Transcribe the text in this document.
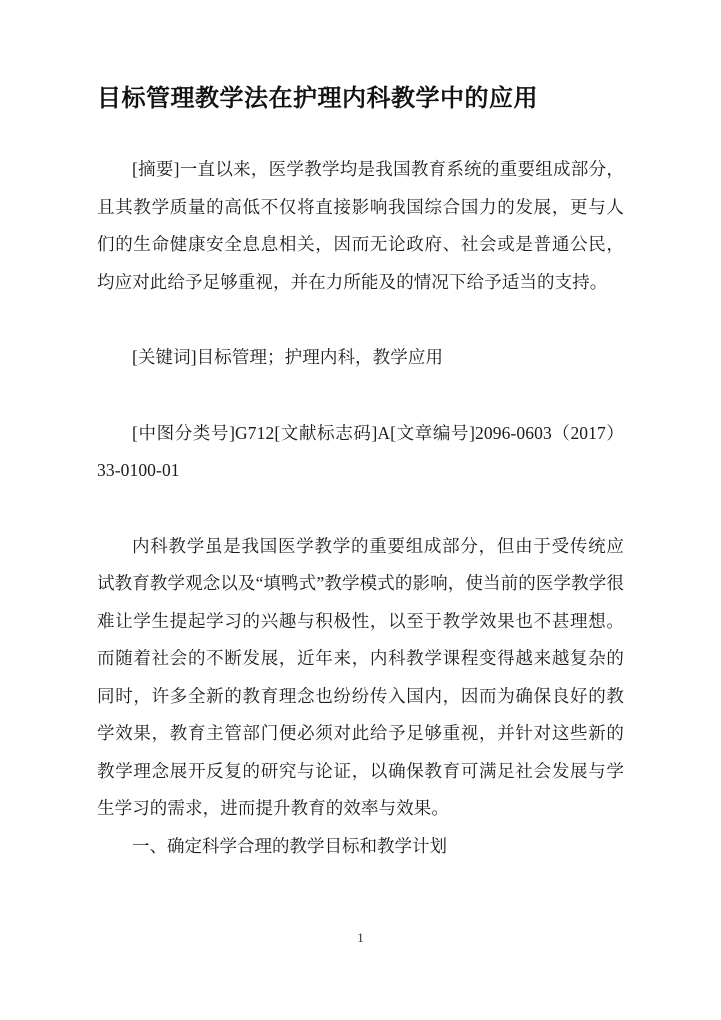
目标管理教学法在护理内科教学中的应用

[摘要]一直以来，医学教学均是我国教育系统的重要组成部分，且其教学质量的高低不仅将直接影响我国综合国力的发展，更与人们的生命健康安全息息相关，因而无论政府、社会或是普通公民，均应对此给予足够重视，并在力所能及的情况下给予适当的支持。

[关键词]目标管理；护理内科，教学应用

[中图分类号]G712[文献标志码]A[文章编号]2096-0603（2017）33-0100-01

内科教学虽是我国医学教学的重要组成部分，但由于受传统应试教育教学观念以及“填鸭式”教学模式的影响，使当前的医学教学很难让学生提起学习的兴趣与积极性，以至于教学效果也不甚理想。而随着社会的不断发展，近年来，内科教学课程变得越来越复杂的同时，许多全新的教育理念也纷纷传入国内，因而为确保良好的教学效果，教育主管部门便必须对此给予足够重视，并针对这些新的教学理念展开反复的研究与论证，以确保教育可满足社会发展与学生学习的需求，进而提升教育的效率与效果。

一、确定科学合理的教学目标和教学计划

1
